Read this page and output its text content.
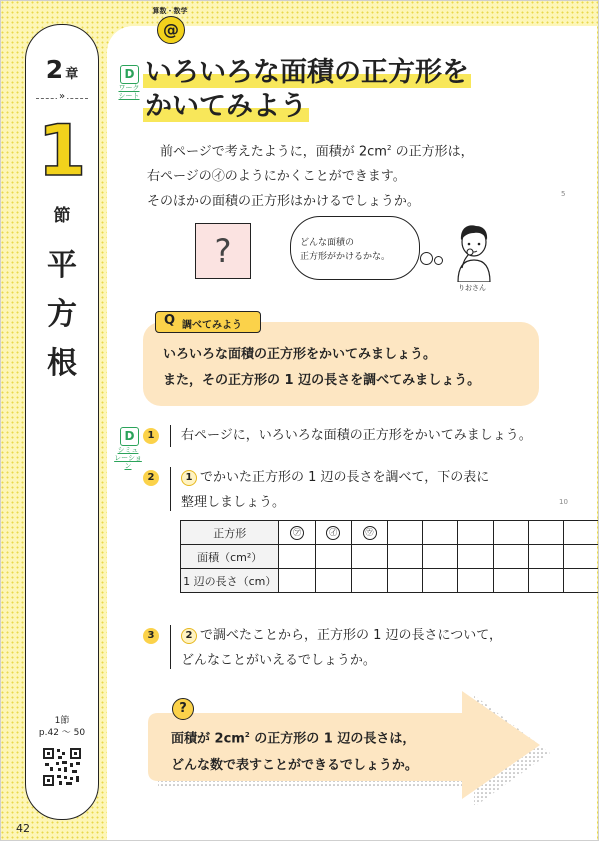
2 章
»
1
節
平
方
根
1節
p.42 ～ 50
42
算数・数学
@
D
ワーク
シート
いろいろな面積の正方形を
かいてみよう

前ページで考えたように，面積が $2cm^2$ の正方形は，

右ページの㋑のようにかくことができます。

そのほかの面積の正方形はかけるでしょうか。

5
10
?	どんな面積の
正方形がかけるかな。
りおさん
Q 調べてみよう

いろいろな面積の正方形をかいてみましょう。

また，その正方形の 1 辺の長さを調べてみましょう。

D
シミュ
レーション
1	右ページに，いろいろな面積の正方形をかいてみましょう。

2	1 でかいた正方形の 1 辺の長さを調べて，下の表に

整理しましょう。

正方形	㋐	㋑	㋒						
面積（cm²）									
1 辺の長さ（cm）									
3	2 で調べたことから，正方形の 1 辺の長さについて，

どんなことがいえるでしょうか。

?

面積が $2cm^2$ の正方形の 1 辺の長さは，

どんな数で表すことができるでしょうか。
